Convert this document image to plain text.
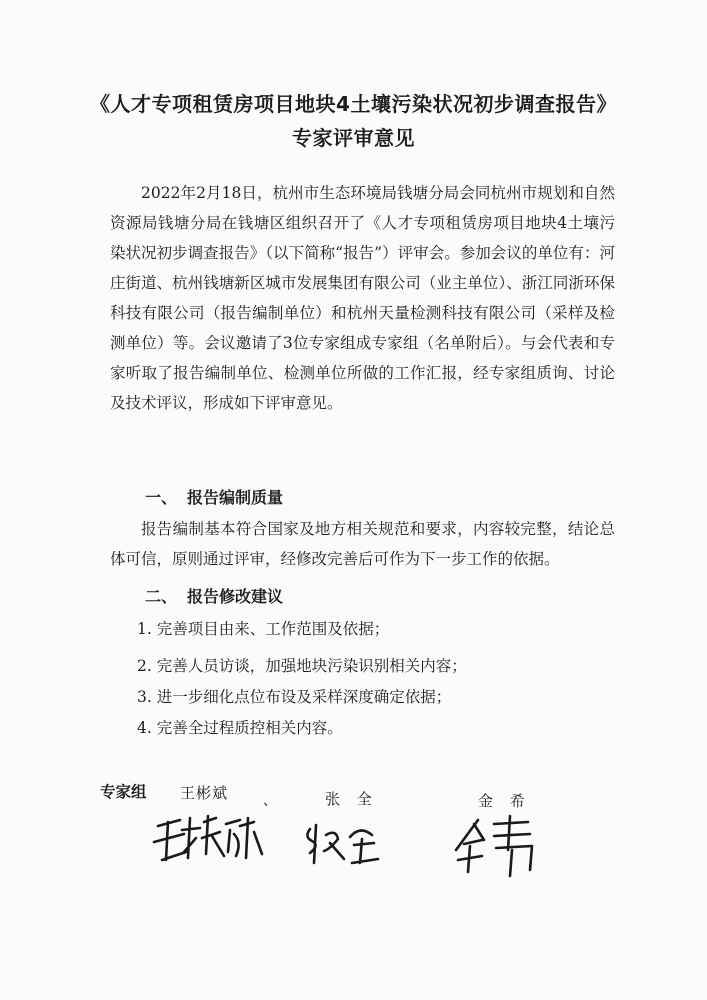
《人才专项租赁房项目地块4土壤污染状况初步调查报告》
专家评审意见

2022年2月18日，杭州市生态环境局钱塘分局会同杭州市规划和自然资源局钱塘分局在钱塘区组织召开了《人才专项租赁房项目地块4土壤污染状况初步调查报告》（以下简称“报告”）评审会。参加会议的单位有：河庄街道、杭州钱塘新区城市发展集团有限公司（业主单位）、浙江同浙环保科技有限公司（报告编制单位）和杭州天量检测科技有限公司（采样及检测单位）等。会议邀请了3位专家组成专家组（名单附后）。与会代表和专家听取了报告编制单位、检测单位所做的工作汇报，经专家组质询、讨论及技术评议，形成如下评审意见。

一、 报告编制质量

报告编制基本符合国家及地方相关规范和要求，内容较完整，结论总体可信，原则通过评审，经修改完善后可作为下一步工作的依据。

二、 报告修改建议
1. 完善项目由来、工作范围及依据；
2. 完善人员访谈，加强地块污染识别相关内容；
3. 进一步细化点位布设及采样深度确定依据；
4. 完善全过程质控相关内容。
专家组 王彬斌 、	张 全	金 希
